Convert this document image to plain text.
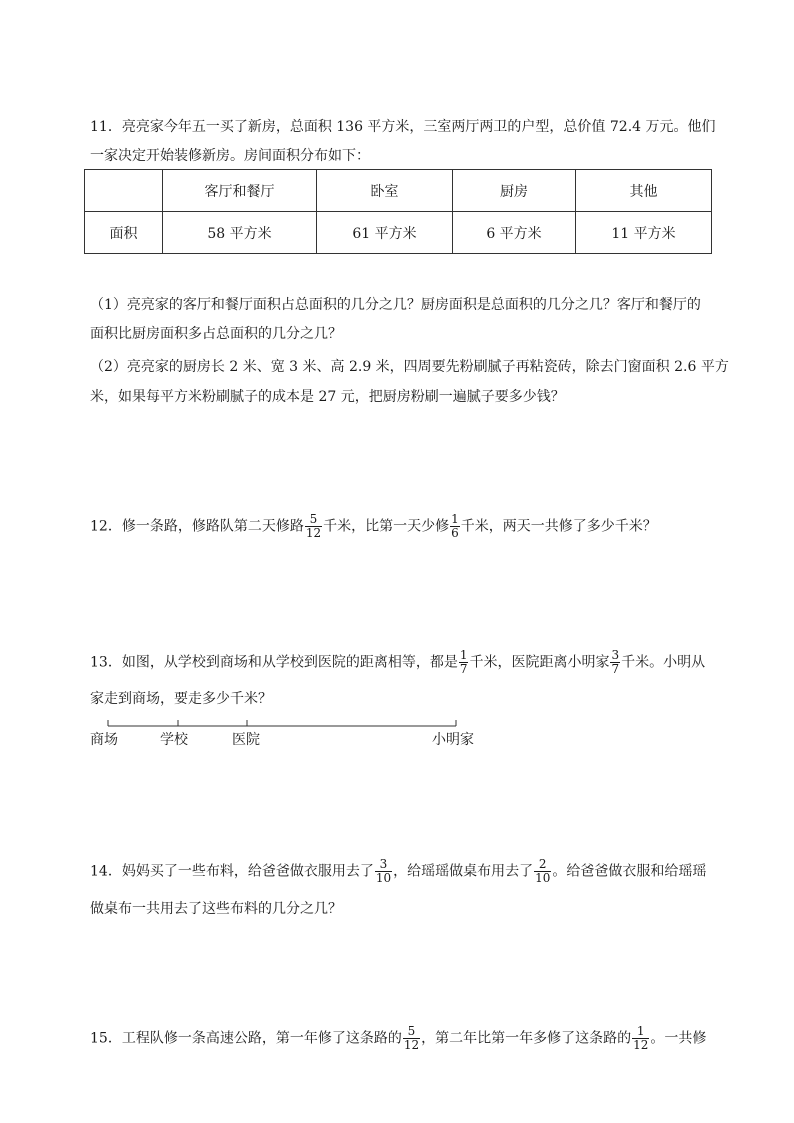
11．亮亮家今年五一买了新房，总面积 136 平方米，三室两厅两卫的户型，总价值 72.4 万元。他们
一家决定开始装修新房。房间面积分布如下：
	客厅和餐厅	卧室	厨房	其他
面积	58 平方米	61 平方米	6 平方米	11 平方米
（1）亮亮家的客厅和餐厅面积占总面积的几分之几？厨房面积是总面积的几分之几？客厅和餐厅的
面积比厨房面积多占总面积的几分之几？
（2）亮亮家的厨房长 2 米、宽 3 米、高 2.9 米，四周要先粉刷腻子再粘瓷砖，除去门窗面积 2.6 平方
米，如果每平方米粉刷腻子的成本是 27 元，把厨房粉刷一遍腻子要多少钱？
12．修一条路，修路队第二天修路 $\frac{5}{12}$ 千米，比第一天少修 $\frac{1}{6}$ 千米，两天一共修了多少千米？
13．如图，从学校到商场和从学校到医院的距离相等，都是 $\frac{1}{7}$ 千米，医院距离小明家 $\frac{3}{7}$ 千米。小明从
家走到商场，要走多少千米？
商场	学校	医院	小明家
14．妈妈买了一些布料，给爸爸做衣服用去了 $\frac{3}{10}$ ，给瑶瑶做桌布用去了 $\frac{2}{10}$ 。给爸爸做衣服和给瑶瑶
做桌布一共用去了这些布料的几分之几？
15．工程队修一条高速公路，第一年修了这条路的 $\frac{5}{12}$ ，第二年比第一年多修了这条路的 $\frac{1}{12}$ 。一共修
